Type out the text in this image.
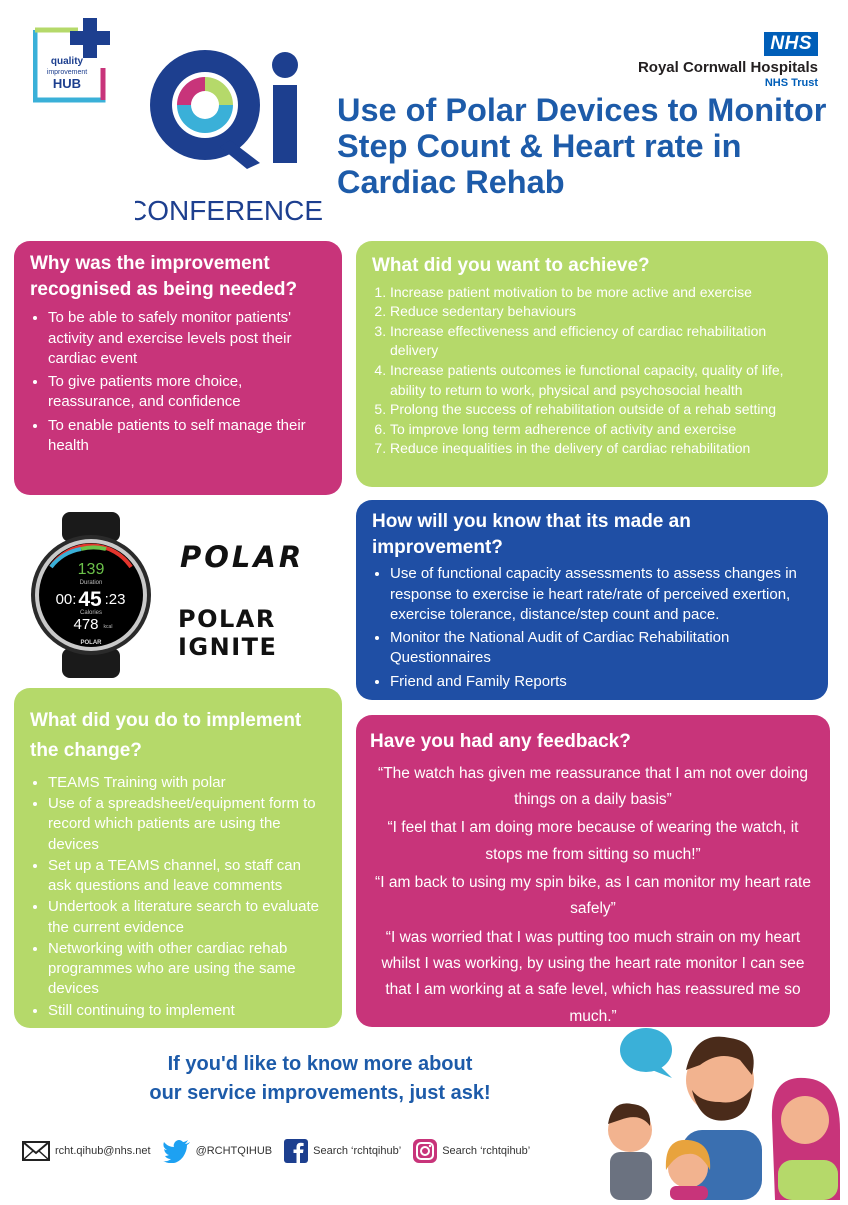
quality
improvement
HUB
CONFERENCE
NHS
Royal Cornwall Hospitals
NHS Trust
Use of Polar Devices to Monitor Step Count & Heart rate in Cardiac Rehab
Why was the improvement recognised as being needed?
• To be able to safely monitor patients' activity and exercise levels post their cardiac event
• To give patients more choice, reassurance, and confidence
• To enable patients to self manage their health
What did you want to achieve?
1. Increase patient motivation to be more active and exercise
2. Reduce sedentary behaviours
3. Increase effectiveness and efficiency of cardiac rehabilitation delivery
4. Increase patients outcomes ie functional capacity, quality of life, ability to return to work, physical and psychosocial health
5. Prolong the success of rehabilitation outside of a rehab setting
6. To improve long term adherence of activity and exercise
7. Reduce inequalities in the delivery of cardiac rehabilitation
139
Duration
00: 45 :23
Calories
478 kcal
POLAR
POLAR
POLAR IGNITE
How will you know that its made an improvement?
• Use of functional capacity assessments to assess changes in response to exercise ie heart rate/rate of perceived exertion, exercise tolerance, distance/step count and pace.
• Monitor the National Audit of Cardiac Rehabilitation Questionnaires
• Friend and Family Reports
What did you do to implement the change?
• TEAMS Training with polar
• Use of a spreadsheet/equipment form to record which patients are using the devices
• Set up a TEAMS channel, so staff can ask questions and leave comments
• Undertook a literature search to evaluate the current evidence
• Networking with other cardiac rehab programmes who are using the same devices
• Still continuing to implement
Have you had any feedback?

“The watch has given me reassurance that I am not over doing things on a daily basis”

“I feel that I am doing more because of wearing the watch, it stops me from sitting so much!”

“I am back to using my spin bike, as I can monitor my heart rate safely”

“I was worried that I was putting too much strain on my heart whilst I was working, by using the heart rate monitor I can see that I am working at a safe level, which has reassured me so much.”

If you'd like to know more about
our service improvements, just ask!
rcht.qihub@nhs.net	@RCHTQIHUB	Search ‘rchtqihub’	Search ‘rchtqihub’
